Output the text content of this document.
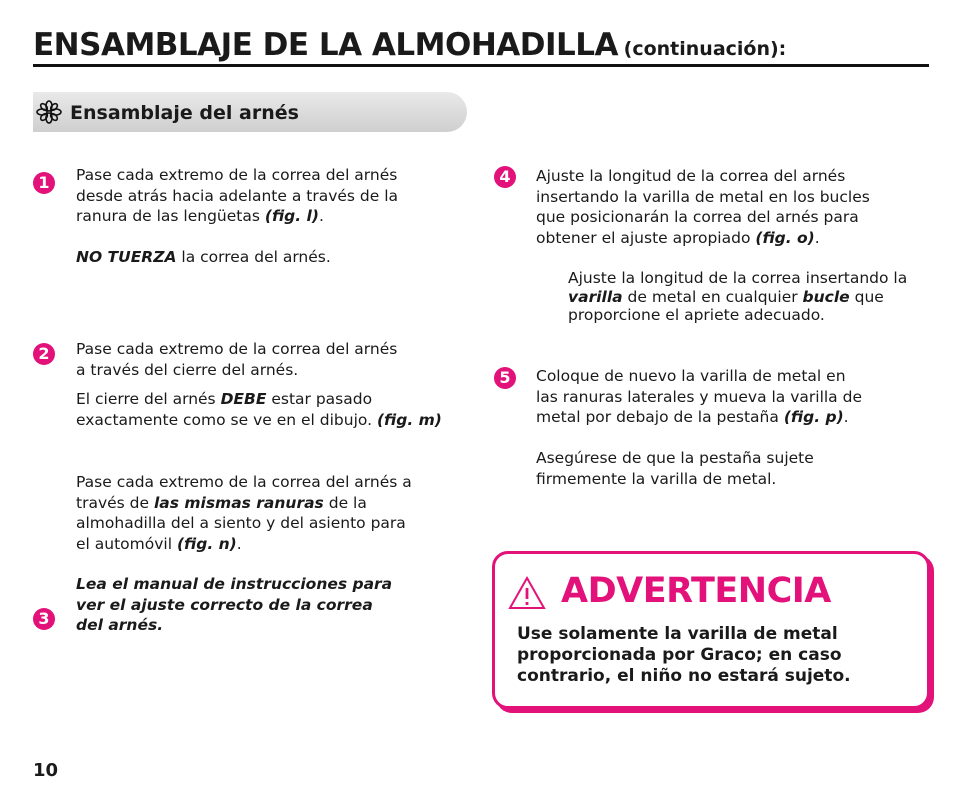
ENSAMBLAJE DE LA ALMOHADILLA (continuación):
Ensamblaje del arnés
1	Pase cada extremo de la correa del arnés
desde atrás hacia adelante a través de la
ranura de las lengüetas (fig. l).
NO TUERZA la correa del arnés.
2	Pase cada extremo de la correa del arnés
a través del cierre del arnés.
El cierre del arnés DEBE estar pasado
exactamente como se ve en el dibujo. (fig. m)
Pase cada extremo de la correa del arnés a
través de las mismas ranuras de la
almohadilla del a siento y del asiento para
el automóvil (fig. n).
3
Lea el manual de instrucciones para
ver el ajuste correcto de la correa
del arnés.
4	Ajuste la longitud de la correa del arnés
insertando la varilla de metal en los bucles
que posicionarán la correa del arnés para
obtener el ajuste apropiado (fig. o).
Ajuste la longitud de la correa insertando la
varilla de metal en cualquier bucle que
proporcione el apriete adecuado.
5	Coloque de nuevo la varilla de metal en
las ranuras laterales y mueva la varilla de
metal por debajo de la pestaña (fig. p).
Asegúrese de que la pestaña sujete
firmemente la varilla de metal.
ADVERTENCIA
Use solamente la varilla de metal
proporcionada por Graco; en caso
contrario, el niño no estará sujeto.
10
